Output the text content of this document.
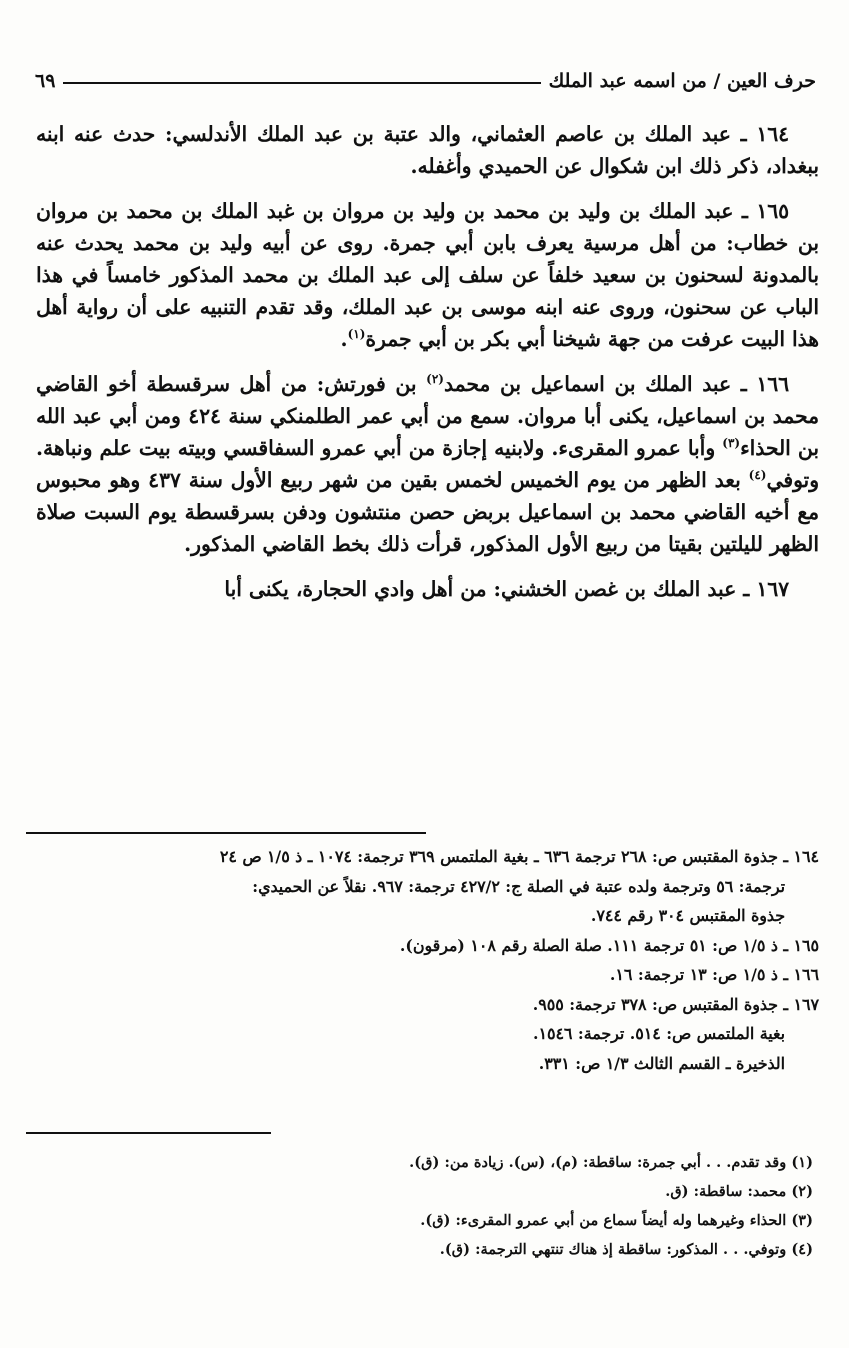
حرف العين / من اسمه عبد الملك
٦٩

١٦٤ ـ عبد الملك بن عاصم العثماني، والد عتبة بن عبد الملك الأندلسي: حدث عنه ابنه ببغداد، ذكر ذلك ابن شكوال عن الحميدي وأغفله.

١٦٥ ـ عبد الملك بن وليد بن محمد بن وليد بن مروان بن غبد الملك بن محمد بن مروان بن خطاب: من أهل مرسية يعرف بابن أبي جمرة. روى عن أبيه وليد بن محمد يحدث عنه بالمدونة لسحنون بن سعيد خلفاً عن سلف إلى عبد الملك بن محمد المذكور خامساً في هذا الباب عن سحنون، وروى عنه ابنه موسى بن عبد الملك، وقد تقدم التنبيه على أن رواية أهل هذا البيت عرفت من جهة شيخنا أبي بكر بن أبي جمرة$^{(١)}$.

١٦٦ ـ عبد الملك بن اسماعيل بن محمد$^{(٢)}$ بن فورتش: من أهل سرقسطة أخو القاضي محمد بن اسماعيل، يكنى أبا مروان. سمع من أبي عمر الطلمنكي سنة ٤٢٤ ومن أبي عبد الله بن الحذاء$^{(٣)}$ وأبا عمرو المقرىء. ولابنيه إجازة من أبي عمرو السفاقسي وبيته بيت علم ونباهة. وتوفي$^{(٤)}$ بعد الظهر من يوم الخميس لخمس بقين من شهر ربيع الأول سنة ٤٣٧ وهو محبوس مع أخيه القاضي محمد بن اسماعيل بربض حصن منتشون ودفن بسرقسطة يوم السبت صلاة الظهر لليلتين بقيتا من ربيع الأول المذكور، قرأت ذلك بخط القاضي المذكور.

١٦٧ ـ عبد الملك بن غصن الخشني: من أهل وادي الحجارة، يكنى أبا

١٦٤ ـ جذوة المقتبس ص: ٢٦٨ ترجمة ٦٣٦ ـ بغية الملتمس ٣٦٩ ترجمة: ١٠٧٤ ـ ذ ١/٥ ص ٢٤
ترجمة: ٥٦ وترجمة ولده عتبة في الصلة ج: ٤٢٧/٢ ترجمة: ٩٦٧. نقلاً عن الحميدي:
جذوة المقتبس ٣٠٤ رقم ٧٤٤.
١٦٥ ـ ذ ١/٥ ص: ٥١ ترجمة ١١١. صلة الصلة رقم ١٠٨ (مرقون).
١٦٦ ـ ذ ١/٥ ص: ١٣ ترجمة: ١٦.
١٦٧ ـ جذوة المقتبس ص: ٣٧٨ ترجمة: ٩٥٥.
بغية الملتمس ص: ٥١٤. ترجمة: ١٥٤٦.
الذخيرة ـ القسم الثالث ١/٣ ص: ٣٣١.
(١) وقد تقدم. . . أبي جمرة: ساقطة: (م)، (س). زيادة من: (ق).
(٢) محمد: ساقطة: (ق.
(٣) الحذاء وغيرهما وله أيضاً سماع من أبي عمرو المقرىء: (ق).
(٤) وتوفي. . . المذكور: ساقطة إذ هناك تنتهي الترجمة: (ق).
